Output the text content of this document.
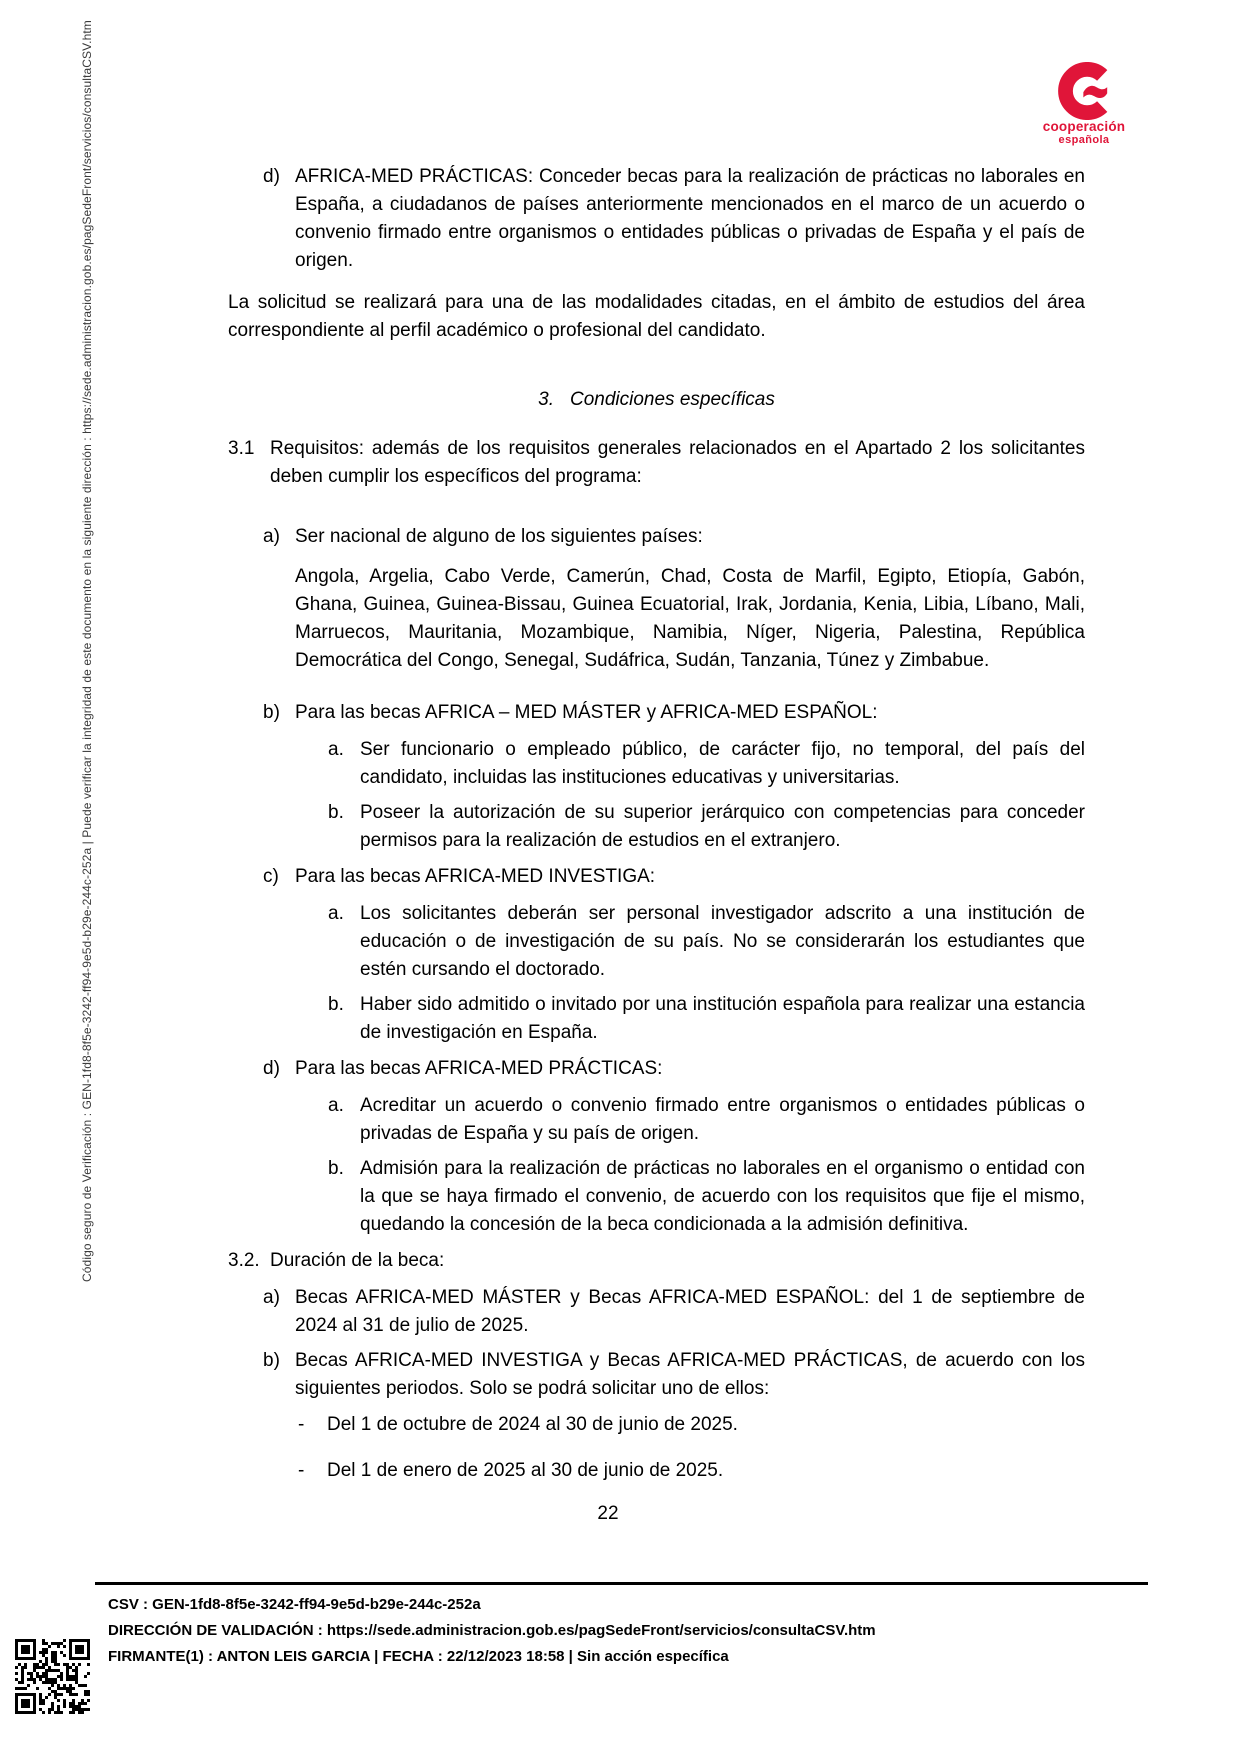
cooperación
española
Código seguro de Verificación : GEN-1fd8-8f5e-3242-ff94-9e5d-b29e-244c-252a | Puede verificar la integridad de este documento en la siguiente dirección : https://sede.administracion.gob.es/pagSedeFront/servicios/consultaCSV.htm	d) AFRICA-MED PRÁCTICAS: Conceder becas para la realización de prácticas no laborales en España, a ciudadanos de países anteriormente mencionados en el marco de un acuerdo o convenio firmado entre organismos o entidades públicas o privadas de España y el país de origen.
La solicitud se realizará para una de las modalidades citadas, en el ámbito de estudios del área correspondiente al perfil académico o profesional del candidato.
3. Condiciones específicas
3.1 Requisitos: además de los requisitos generales relacionados en el Apartado 2 los solicitantes deben cumplir los específicos del programa:
a) Ser nacional de alguno de los siguientes países:
Angola, Argelia, Cabo Verde, Camerún, Chad, Costa de Marfil, Egipto, Etiopía, Gabón, Ghana, Guinea, Guinea-Bissau, Guinea Ecuatorial, Irak, Jordania, Kenia, Libia, Líbano, Mali, Marruecos, Mauritania, Mozambique, Namibia, Níger, Nigeria, Palestina, República Democrática del Congo, Senegal, Sudáfrica, Sudán, Tanzania, Túnez y Zimbabue.
b) Para las becas AFRICA – MED MÁSTER y AFRICA-MED ESPAÑOL:
a. Ser funcionario o empleado público, de carácter fijo, no temporal, del país del candidato, incluidas las instituciones educativas y universitarias.
b. Poseer la autorización de su superior jerárquico con competencias para conceder permisos para la realización de estudios en el extranjero.
c) Para las becas AFRICA-MED INVESTIGA:
a. Los solicitantes deberán ser personal investigador adscrito a una institución de educación o de investigación de su país. No se considerarán los estudiantes que estén cursando el doctorado.
b. Haber sido admitido o invitado por una institución española para realizar una estancia de investigación en España.
d) Para las becas AFRICA-MED PRÁCTICAS:
a. Acreditar un acuerdo o convenio firmado entre organismos o entidades públicas o privadas de España y su país de origen.
b. Admisión para la realización de prácticas no laborales en el organismo o entidad con la que se haya firmado el convenio, de acuerdo con los requisitos que fije el mismo, quedando la concesión de la beca condicionada a la admisión definitiva.
3.2. Duración de la beca:
a) Becas AFRICA-MED MÁSTER y Becas AFRICA-MED ESPAÑOL: del 1 de septiembre de 2024 al 31 de julio de 2025.
b) Becas AFRICA-MED INVESTIGA y Becas AFRICA-MED PRÁCTICAS, de acuerdo con los siguientes periodos. Solo se podrá solicitar uno de ellos:
- Del 1 de octubre de 2024 al 30 de junio de 2025.
- Del 1 de enero de 2025 al 30 de junio de 2025.
22
CSV : GEN-1fd8-8f5e-3242-ff94-9e5d-b29e-244c-252a
DIRECCIÓN DE VALIDACIÓN : https://sede.administracion.gob.es/pagSedeFront/servicios/consultaCSV.htm
FIRMANTE(1) : ANTON LEIS GARCIA | FECHA : 22/12/2023 18:58 | Sin acción específica
